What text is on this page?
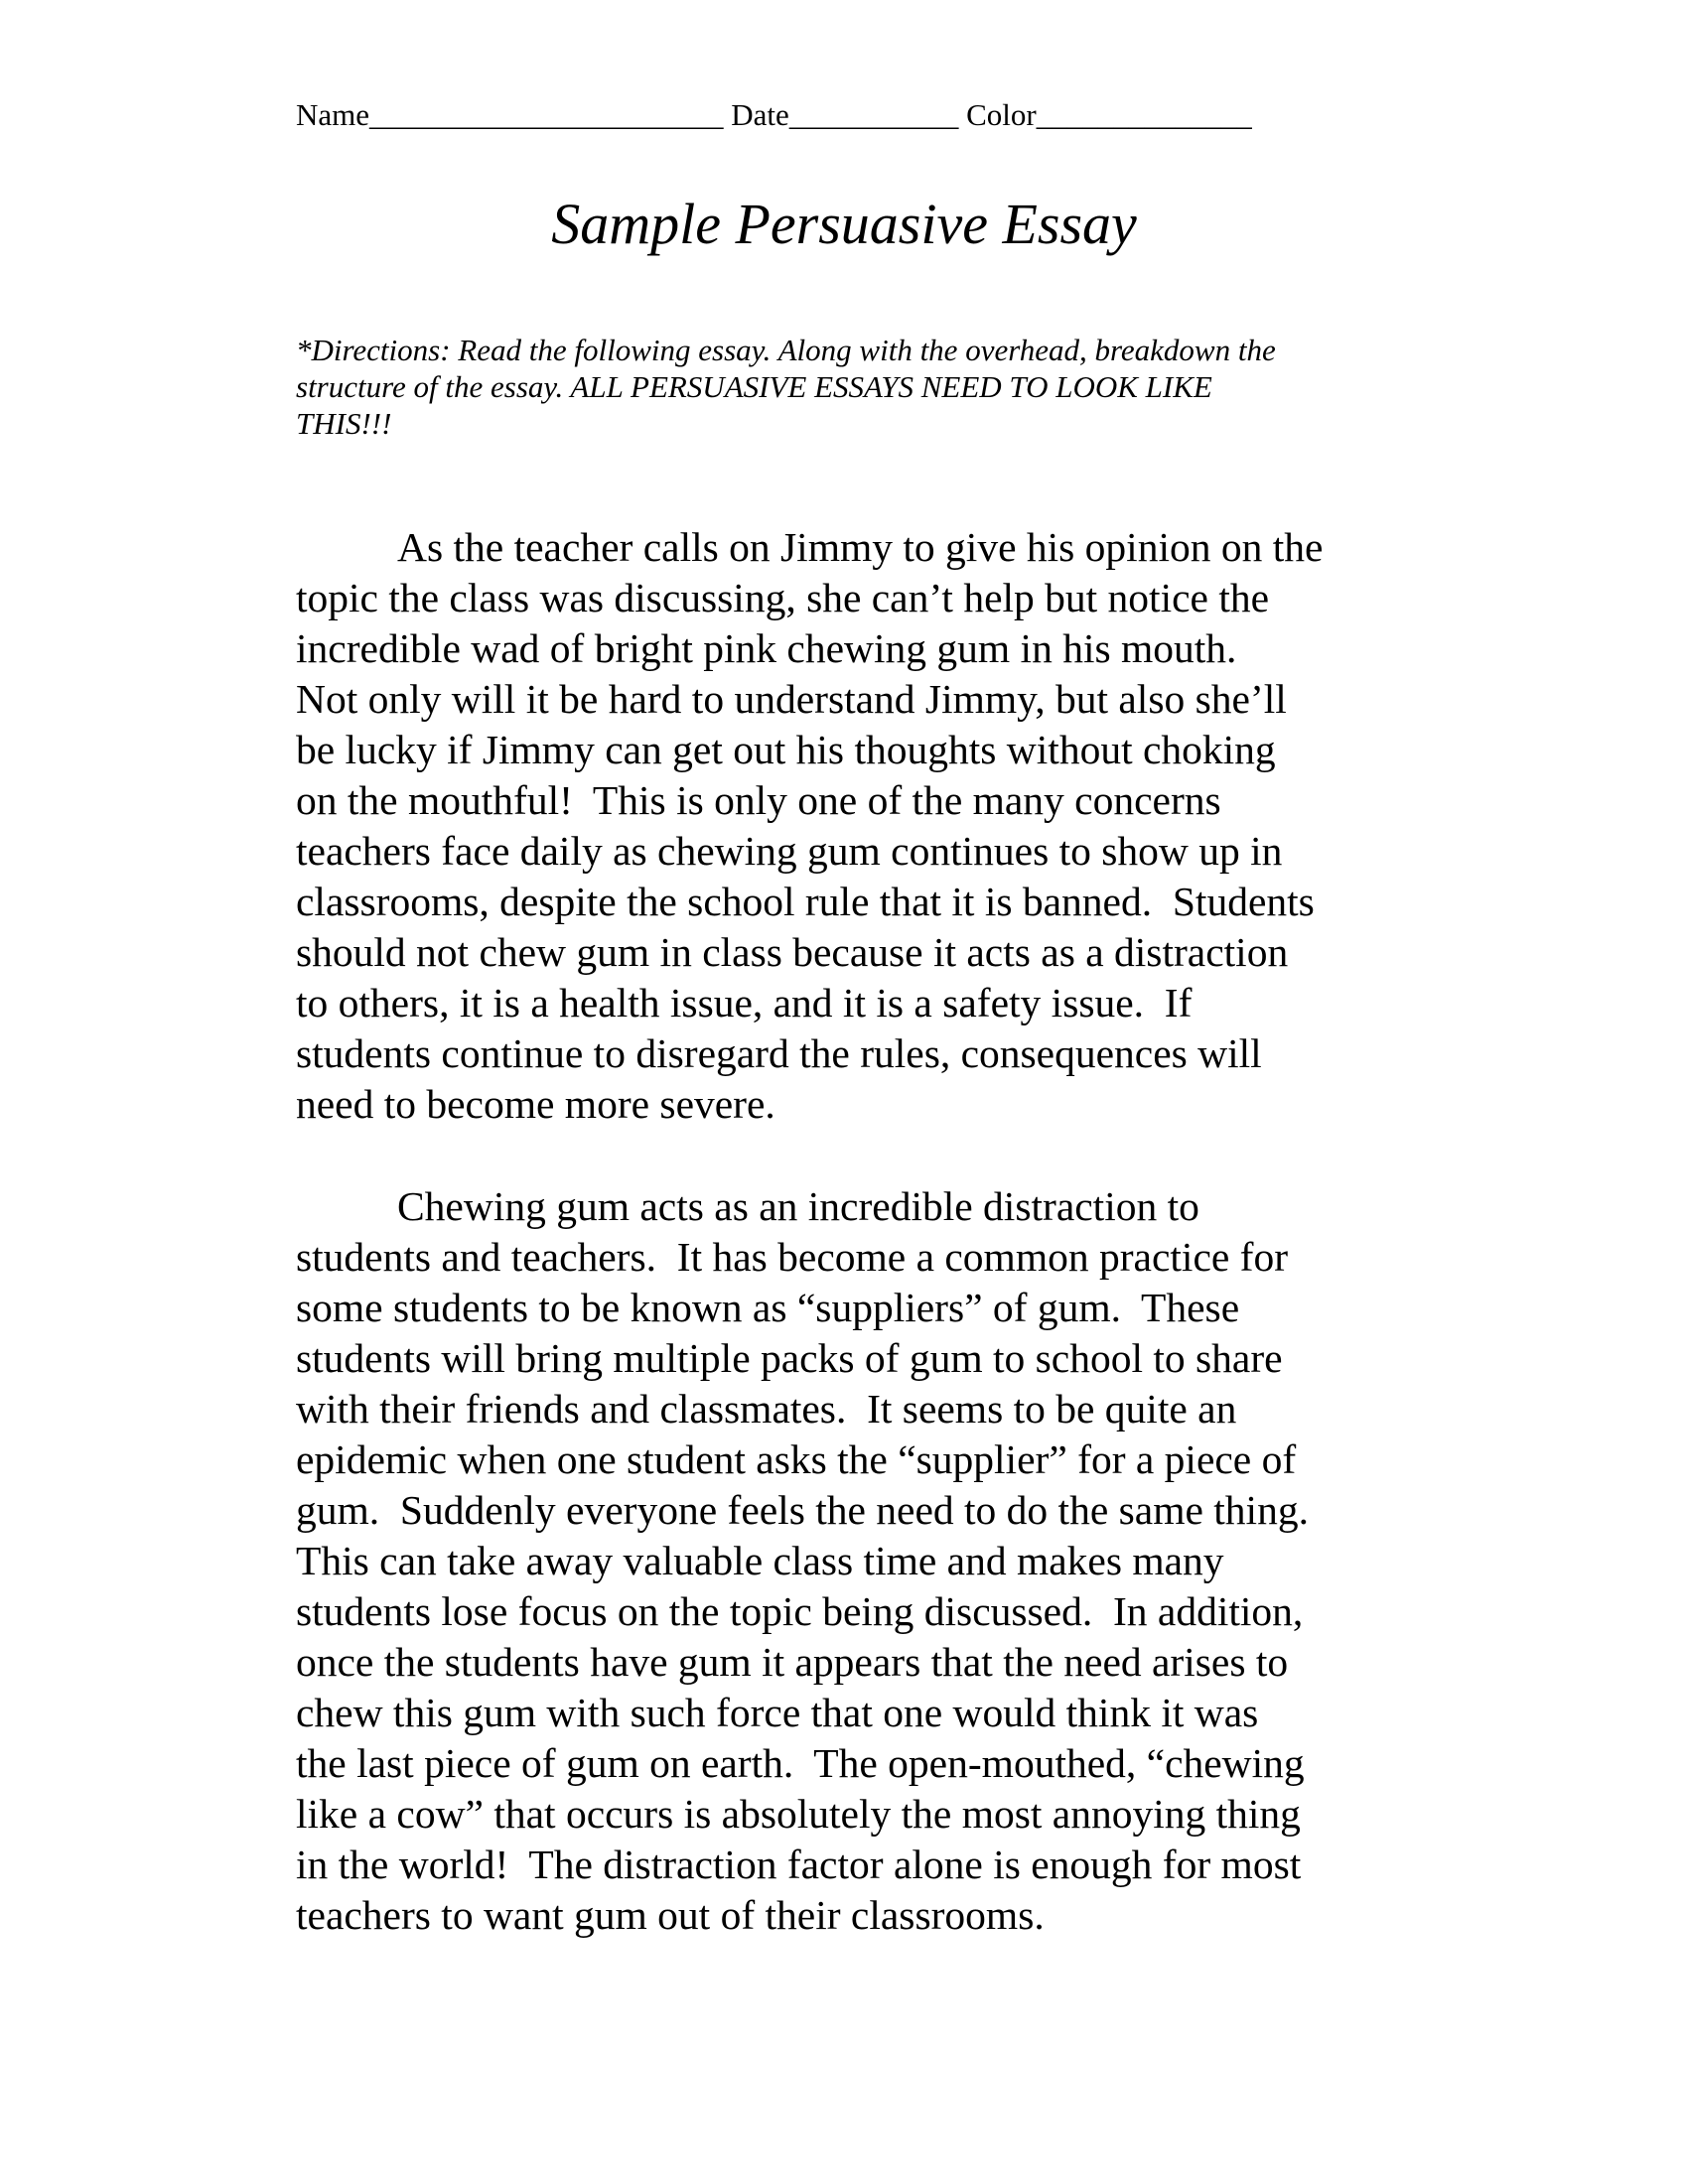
Name_______________________ Date___________ Color______________
Sample Persuasive Essay
*Directions: Read the following essay. Along with the overhead, breakdown the
structure of the essay. ALL PERSUASIVE ESSAYS NEED TO LOOK LIKE
THIS!!!
As the teacher calls on Jimmy to give his opinion on the
topic the class was discussing, she can’t help but notice the
incredible wad of bright pink chewing gum in his mouth.
Not only will it be hard to understand Jimmy, but also she’ll
be lucky if Jimmy can get out his thoughts without choking
on the mouthful!  This is only one of the many concerns
teachers face daily as chewing gum continues to show up in
classrooms, despite the school rule that it is banned.  Students
should not chew gum in class because it acts as a distraction
to others, it is a health issue, and it is a safety issue.  If
students continue to disregard the rules, consequences will
need to become more severe.
Chewing gum acts as an incredible distraction to
students and teachers.  It has become a common practice for
some students to be known as “suppliers” of gum.  These
students will bring multiple packs of gum to school to share
with their friends and classmates.  It seems to be quite an
epidemic when one student asks the “supplier” for a piece of
gum.  Suddenly everyone feels the need to do the same thing.
This can take away valuable class time and makes many
students lose focus on the topic being discussed.  In addition,
once the students have gum it appears that the need arises to
chew this gum with such force that one would think it was
the last piece of gum on earth.  The open-mouthed, “chewing
like a cow” that occurs is absolutely the most annoying thing
in the world!  The distraction factor alone is enough for most
teachers to want gum out of their classrooms.
